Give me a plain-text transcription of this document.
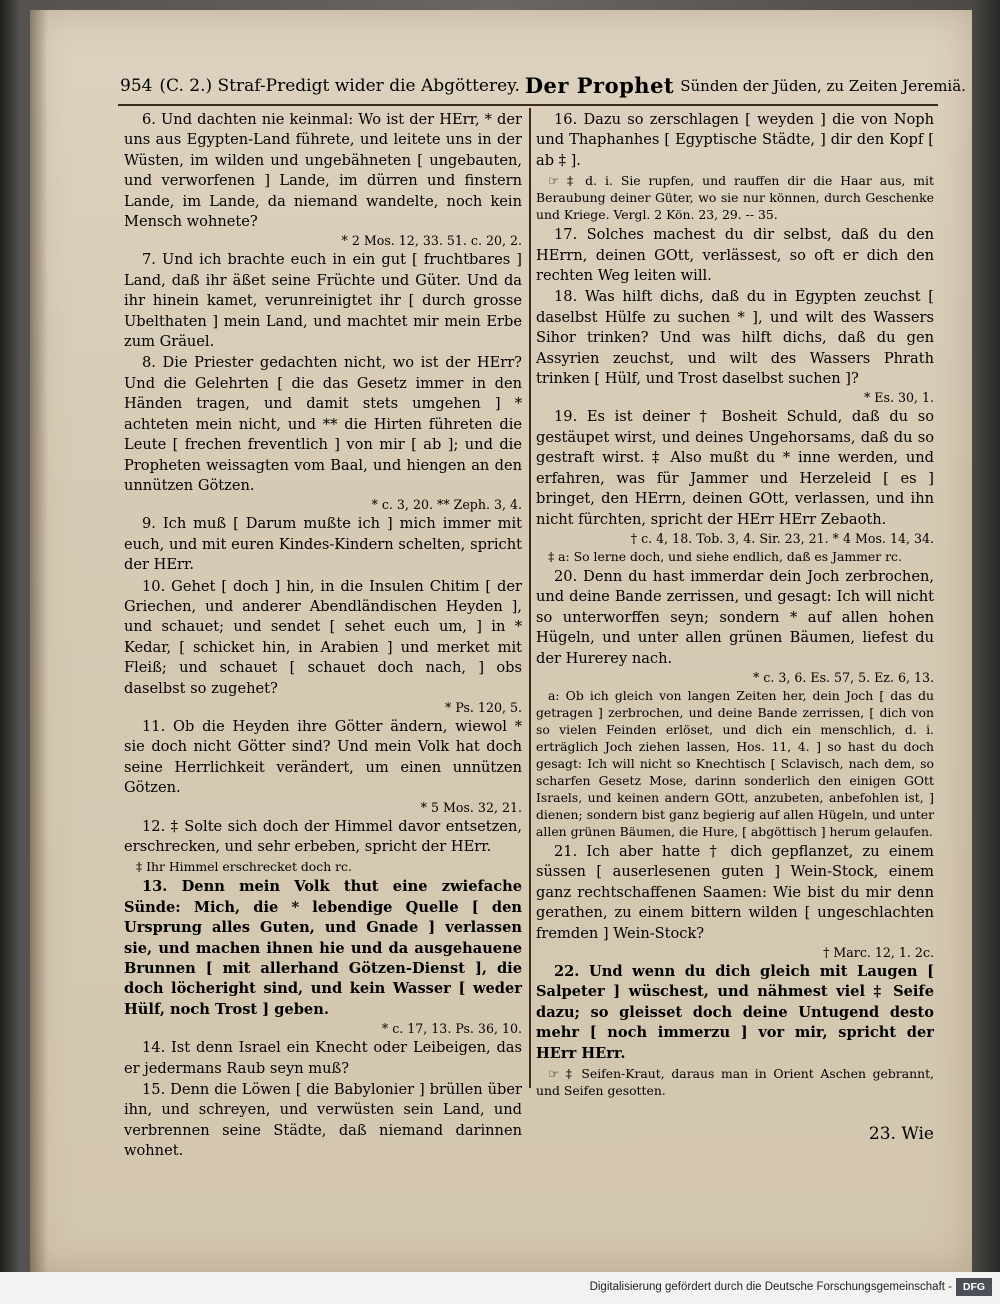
954 (C. 2.) Straf-Predigt wider die Abgötterey. Der Prophet Sünden der Jüden, zu Zeiten Jeremiä.

6. Und dachten nie keinmal: Wo ist der HErr, * der uns aus Egypten-Land führete, und leitete uns in der Wüsten, im wilden und ungebähneten [ ungebauten, und verworfenen ] Lande, im dürren und finstern Lande, im Lande, da niemand wandelte, noch kein Mensch wohnete?

* 2 Mos. 12, 33. 51. c. 20, 2.

7. Und ich brachte euch in ein gut [ fruchtbares ] Land, daß ihr äßet seine Früchte und Güter. Und da ihr hinein kamet, verunreinigtet ihr [ durch grosse Ubelthaten ] mein Land, und machtet mir mein Erbe zum Gräuel.

8. Die Priester gedachten nicht, wo ist der HErr? Und die Gelehrten [ die das Gesetz immer in den Händen tragen, und damit stets umgehen ] * achteten mein nicht, und ** die Hirten führeten die Leute [ frechen freventlich ] von mir [ ab ]; und die Propheten weissagten vom Baal, und hiengen an den unnützen Götzen.

* c. 3, 20. ** Zeph. 3, 4.

9. Ich muß [ Darum mußte ich ] mich immer mit euch, und mit euren Kindes-Kindern schelten, spricht der HErr.

10. Gehet [ doch ] hin, in die Insulen Chitim [ der Griechen, und anderer Abendländischen Heyden ], und schauet; und sendet [ sehet euch um, ] in * Kedar, [ schicket hin, in Arabien ] und merket mit Fleiß; und schauet [ schauet doch nach, ] obs daselbst so zugehet?

* Ps. 120, 5.

11. Ob die Heyden ihre Götter ändern, wiewol * sie doch nicht Götter sind? Und mein Volk hat doch seine Herrlichkeit verändert, um einen unnützen Götzen.

* 5 Mos. 32, 21.

12. ‡ Solte sich doch der Himmel davor entsetzen, erschrecken, und sehr erbeben, spricht der HErr.

‡ Ihr Himmel erschrecket doch rc.

13. Denn mein Volk thut eine zwiefache Sünde: Mich, die * lebendige Quelle [ den Ursprung alles Guten, und Gnade ] verlassen sie, und machen ihnen hie und da ausgehauene Brunnen [ mit allerhand Götzen-Dienst ], die doch löcheright sind, und kein Wasser [ weder Hülf, noch Trost ] geben.

* c. 17, 13. Ps. 36, 10.

14. Ist denn Israel ein Knecht oder Leibeigen, das er jedermans Raub seyn muß?

15. Denn die Löwen [ die Babylonier ] brüllen über ihn, und schreyen, und verwüsten sein Land, und verbrennen seine Städte, daß niemand darinnen wohnet.

16. Dazu so zerschlagen [ weyden ] die von Noph und Thaphanhes [ Egyptische Städte, ] dir den Kopf [ ab ‡ ].

☞ ‡ d. i. Sie rupfen, und rauffen dir die Haar aus, mit Beraubung deiner Güter, wo sie nur können, durch Geschenke und Kriege. Vergl. 2 Kön. 23, 29. -- 35.

17. Solches machest du dir selbst, daß du den HErrn, deinen GOtt, verlässest, so oft er dich den rechten Weg leiten will.

18. Was hilft dichs, daß du in Egypten zeuchst [ daselbst Hülfe zu suchen * ], und wilt des Wassers Sihor trinken? Und was hilft dichs, daß du gen Assyrien zeuchst, und wilt des Wassers Phrath trinken [ Hülf, und Trost daselbst suchen ]?

* Es. 30, 1.

19. Es ist deiner † Bosheit Schuld, daß du so gestäupet wirst, und deines Ungehorsams, daß du so gestraft wirst. ‡ Also mußt du * inne werden, und erfahren, was für Jammer und Herzeleid [ es ] bringet, den HErrn, deinen GOtt, verlassen, und ihn nicht fürchten, spricht der HErr HErr Zebaoth.

† c. 4, 18. Tob. 3, 4. Sir. 23, 21. * 4 Mos. 14, 34.

‡ a: So lerne doch, und siehe endlich, daß es Jammer rc.

20. Denn du hast immerdar dein Joch zerbrochen, und deine Bande zerrissen, und gesagt: Ich will nicht so unterworffen seyn; sondern * auf allen hohen Hügeln, und unter allen grünen Bäumen, liefest du der Hurerey nach.

* c. 3, 6. Es. 57, 5. Ez. 6, 13.

a: Ob ich gleich von langen Zeiten her, dein Joch [ das du getragen ] zerbrochen, und deine Bande zerrissen, [ dich von so vielen Feinden erlöset, und dich ein menschlich, d. i. erträglich Joch ziehen lassen, Hos. 11, 4. ] so hast du doch gesagt: Ich will nicht so Knechtisch [ Sclavisch, nach dem, so scharfen Gesetz Mose, darinn sonderlich den einigen GOtt Israels, und keinen andern GOtt, anzubeten, anbefohlen ist, ] dienen; sondern bist ganz begierig auf allen Hügeln, und unter allen grünen Bäumen, die Hure, [ abgöttisch ] herum gelaufen.

21. Ich aber hatte † dich gepflanzet, zu einem süssen [ auserlesenen guten ] Wein-Stock, einem ganz rechtschaffenen Saamen: Wie bist du mir denn gerathen, zu einem bittern wilden [ ungeschlachten fremden ] Wein-Stock?

† Marc. 12, 1. 2c.

22. Und wenn du dich gleich mit Laugen [ Salpeter ] wüschest, und nähmest viel ‡ Seife dazu; so gleisset doch deine Untugend desto mehr [ noch immerzu ] vor mir, spricht der HErr HErr.

☞ ‡ Seifen-Kraut, daraus man in Orient Aschen gebrannt, und Seifen gesotten.

23. Wie
Digitalisierung gefördert durch die Deutsche Forschungsgemeinschaft -	DFG
